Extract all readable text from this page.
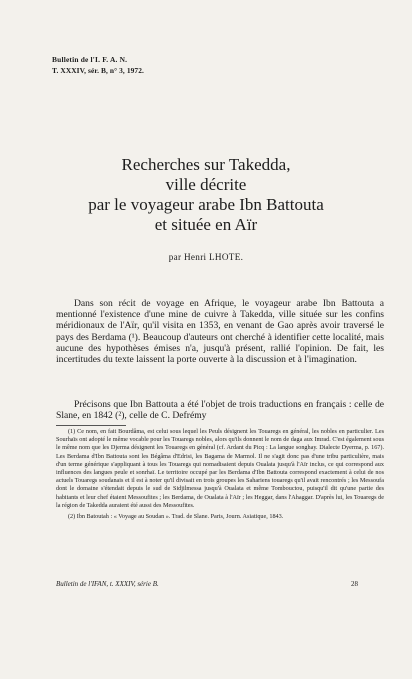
Bulletin de l'I. F. A. N.
T. XXXIV, sér. B, n° 3, 1972.
Recherches sur Takedda,
ville décrite
par le voyageur arabe Ibn Battouta
et située en Aïr
par Henri LHOTE.
Dans son récit de voyage en Afrique, le voyageur arabe Ibn Battouta a mentionné l'existence d'une mine de cuivre à Takedda, ville située sur les confins méridionaux de l'Aïr, qu'il visita en 1353, en venant de Gao après avoir traversé le pays des Berdama (¹). Beaucoup d'auteurs ont cherché à identifier cette localité, mais aucune des hypothèses émises n'a, jusqu'à présent, rallié l'opinion. De fait, les incertitudes du texte laissent la porte ouverte à la discussion et à l'imagination.
Précisons que Ibn Battouta a été l'objet de trois traductions en français : celle de Slane, en 1842 (²), celle de C. Defrémy
(1) Ce nom, en fait Bourdâma, est celui sous lequel les Peuls désignent les Touaregs en général, les nobles en particulier. Les Sourhaïs ont adopté le même vocable pour les Touaregs nobles, alors qu'ils donnent le nom de daga aux Imrad. C'est également sous le même nom que les Djerma désignent les Touaregs en général (cf. Ardant du Picq : La langue songhay. Dialecte Dyerma, p. 167). Les Berdama d'Ibn Battouta sont les Bégâma d'Edrisi, les Bagama de Marmol. Il ne s'agit donc pas d'une tribu particulière, mais d'un terme générique s'appliquant à tous les Touaregs qui nomadisaient depuis Oualata jusqu'à l'Aïr inclus, ce qui correspond aux influences des langues peule et sonrhaï. Le territoire occupé par les Berdama d'Ibn Battouta correspond exactement à celui de nos actuels Touaregs soudanais et il est à noter qu'il divisait en trois groupes les Sahariens touaregs qu'il avait rencontrés ; les Messoufa dont le domaine s'étendait depuis le sud de Sidjilmessa jusqu'à Oualata et même Tombouctou, puisqu'il dit qu'une partie des habitants et leur chef étaient Messoufites ; les Berdama, de Oualata à l'Aïr ; les Heggar, dans l'Ahaggar. D'après lui, les Touaregs de la région de Takedda auraient été aussi des Messoufites.
(2) Ibn Batoutah : « Voyage au Soudan ». Trad. de Slane. Paris, Journ. Asiatique, 1843.
Bulletin de l'IFAN, t. XXXIV, série B.	28
